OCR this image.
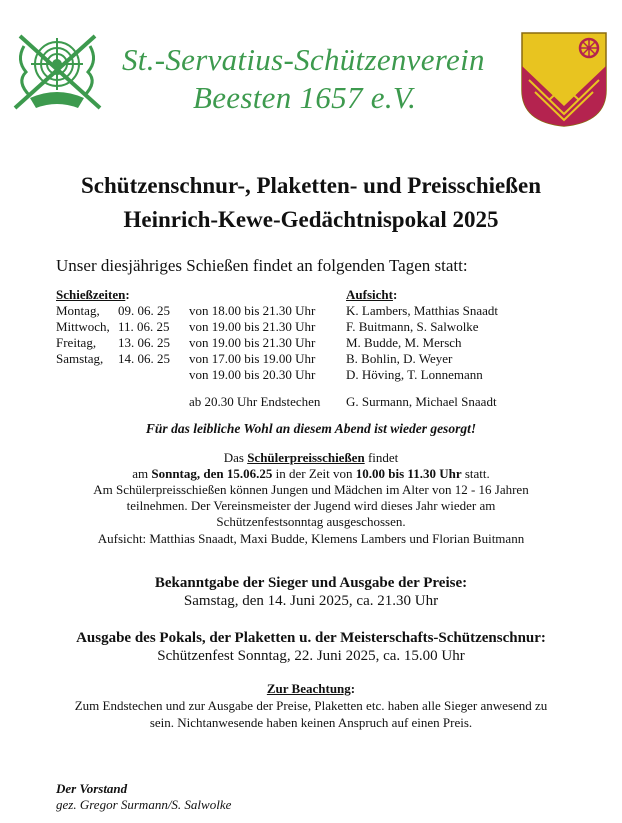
St.-Servatius-Schützenverein
Beesten 1657 e.V.
Schützenschnur-, Plaketten- und Preisschießen
Heinrich-Kewe-Gedächtnispokal 2025
Unser diesjähriges Schießen findet an folgenden Tagen statt:
Schießzeiten:	Aufsicht:
Montag, 09. 06. 25 von 18.00 bis 21.30 Uhr K. Lambers, Matthias Snaadt
Mittwoch, 11. 06. 25 von 19.00 bis 21.30 Uhr F. Buitmann, S. Salwolke
Freitag, 13. 06. 25 von 19.00 bis 21.30 Uhr M. Budde, M. Mersch
Samstag, 14. 06. 25 von 17.00 bis 19.00 Uhr B. Bohlin, D. Weyer
von 19.00 bis 20.30 Uhr D. Höving, T. Lonnemann
ab 20.30 Uhr Endstechen G. Surmann, Michael Snaadt
Für das leibliche Wohl an diesem Abend ist wieder gesorgt!
Das Schülerpreisschießen findet
am Sonntag, den 15.06.25 in der Zeit von 10.00 bis 11.30 Uhr statt.
Am Schülerpreisschießen können Jungen und Mädchen im Alter von 12 - 16 Jahren
teilnehmen. Der Vereinsmeister der Jugend wird dieses Jahr wieder am
Schützenfestsonntag ausgeschossen.
Aufsicht: Matthias Snaadt, Maxi Budde, Klemens Lambers und Florian Buitmann
Bekanntgabe der Sieger und Ausgabe der Preise:
Samstag, den 14. Juni 2025, ca. 21.30 Uhr
Ausgabe des Pokals, der Plaketten u. der Meisterschafts-Schützenschnur:
Schützenfest Sonntag, 22. Juni 2025, ca. 15.00 Uhr
Zur Beachtung:
Zum Endstechen und zur Ausgabe der Preise, Plaketten etc. haben alle Sieger anwesend zu
sein. Nichtanwesende haben keinen Anspruch auf einen Preis.
Der Vorstand
gez. Gregor Surmann/S. Salwolke
